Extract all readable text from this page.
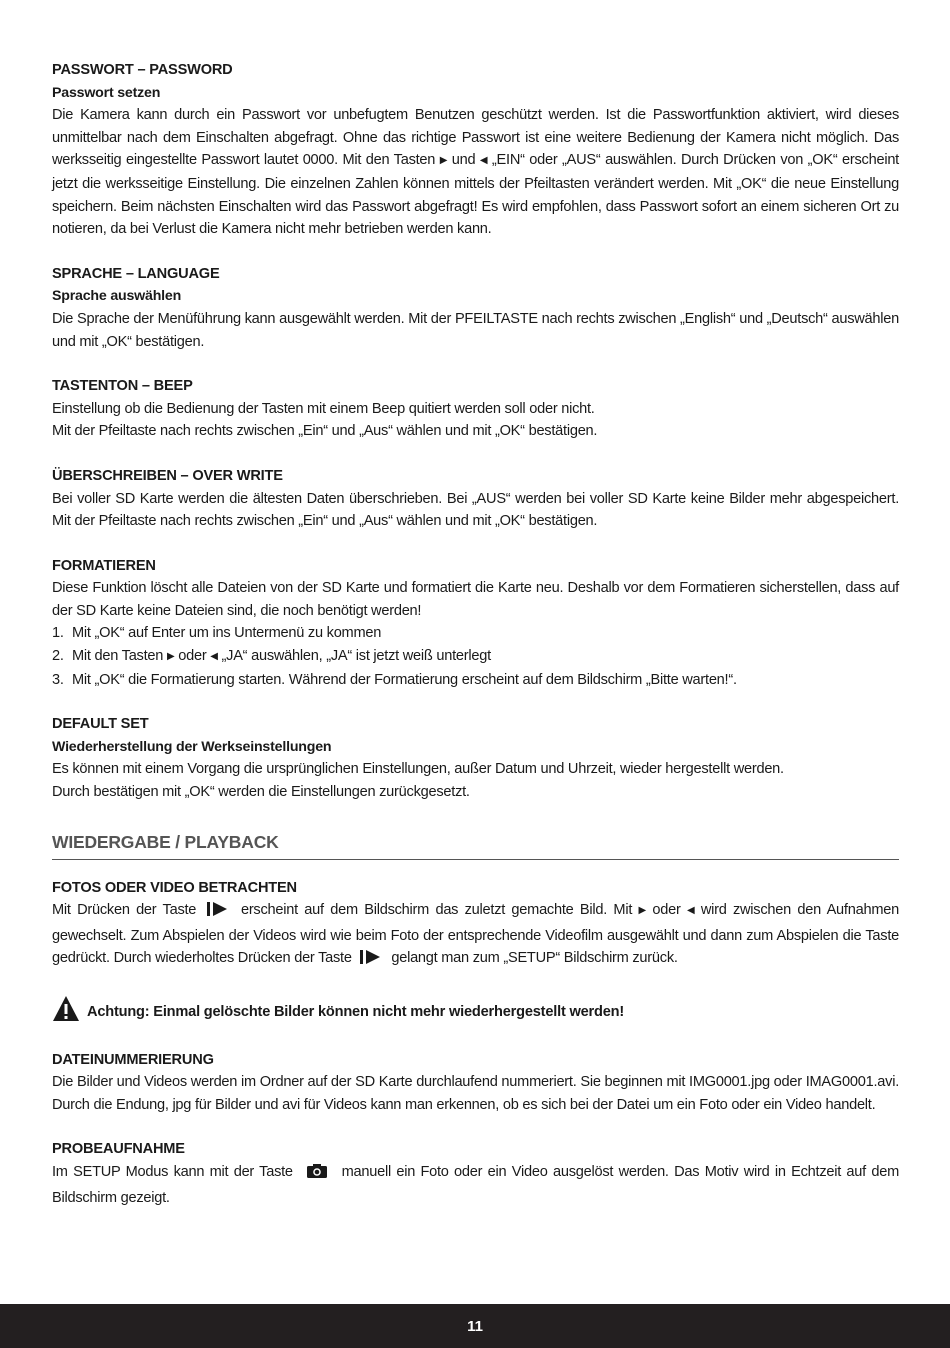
PASSWORT – PASSWORD
Passwort setzen
Die Kamera kann durch ein Passwort vor unbefugtem Benutzen geschützt werden. Ist die Passwortfunktion aktiviert, wird dieses unmittelbar nach dem Einschalten abgefragt. Ohne das richtige Passwort ist eine weitere Bedienung der Kamera nicht möglich. Das werksseitig eingestellte Passwort lautet 0000. Mit den Tasten ▶ und ◀ „EIN“ oder „AUS“ auswählen. Durch Drücken von „OK“ erscheint jetzt die werksseitige Einstellung. Die einzelnen Zahlen können mittels der Pfeiltasten verändert werden. Mit „OK“ die neue Einstellung speichern. Beim nächsten Einschalten wird das Passwort abgefragt! Es wird empfohlen, dass Passwort sofort an einem sicheren Ort zu notieren, da bei Verlust die Kamera nicht mehr betrieben werden kann.
SPRACHE – LANGUAGE
Sprache auswählen
Die Sprache der Menüführung kann ausgewählt werden. Mit der PFEILTASTE nach rechts zwischen „English“ und „Deutsch“ auswählen und mit „OK“ bestätigen.
TASTENTON – BEEP
Einstellung ob die Bedienung der Tasten mit einem Beep quitiert werden soll oder nicht.
Mit der Pfeiltaste nach rechts zwischen „Ein“ und „Aus“ wählen und mit „OK“ bestätigen.
ÜBERSCHREIBEN – OVER WRITE
Bei voller SD Karte werden die ältesten Daten überschrieben. Bei „AUS“ werden bei voller SD Karte keine Bilder mehr abgespeichert. Mit der Pfeiltaste nach rechts zwischen „Ein“ und „Aus“ wählen und mit „OK“ bestätigen.
FORMATIEREN
Diese Funktion löscht alle Dateien von der SD Karte und formatiert die Karte neu. Deshalb vor dem Formatieren sicherstellen, dass auf der SD Karte keine Dateien sind, die noch benötigt werden!
1. Mit „OK“ auf Enter um ins Untermenü zu kommen
2. Mit den Tasten ▶ oder ◀ „JA“ auswählen, „JA“ ist jetzt weiß unterlegt
3. Mit „OK“ die Formatierung starten. Während der Formatierung erscheint auf dem Bildschirm „Bitte warten!“.
DEFAULT SET
Wiederherstellung der Werkseinstellungen
Es können mit einem Vorgang die ursprünglichen Einstellungen, außer Datum und Uhrzeit, wieder hergestellt werden.
Durch bestätigen mit „OK“ werden die Einstellungen zurückgesetzt.
WIEDERGABE / PLAYBACK
FOTOS ODER VIDEO BETRACHTEN
Mit Drücken der Taste	erscheint auf dem Bildschirm das zuletzt gemachte Bild. Mit ▶ oder ◀ wird zwischen den Aufnahmen gewechselt. Zum Abspielen der Videos wird wie beim Foto der entsprechende Videofilm ausgewählt und dann zum Abspielen die Taste gedrückt. Durch wiederholtes Drücken der Taste	gelangt man zum „SETUP“ Bildschirm zurück.
Achtung: Einmal gelöschte Bilder können nicht mehr wiederhergestellt werden!
DATEINUMMERIERUNG
Die Bilder und Videos werden im Ordner auf der SD Karte durchlaufend nummeriert. Sie beginnen mit IMG0001.jpg oder IMAG0001.avi. Durch die Endung, jpg für Bilder und avi für Videos kann man erkennen, ob es sich bei der Datei um ein Foto oder ein Video handelt.
PROBEAUFNAHME
Im SETUP Modus kann mit der Taste	manuell ein Foto oder ein Video ausgelöst werden. Das Motiv wird in Echtzeit auf dem Bildschirm gezeigt.
11
